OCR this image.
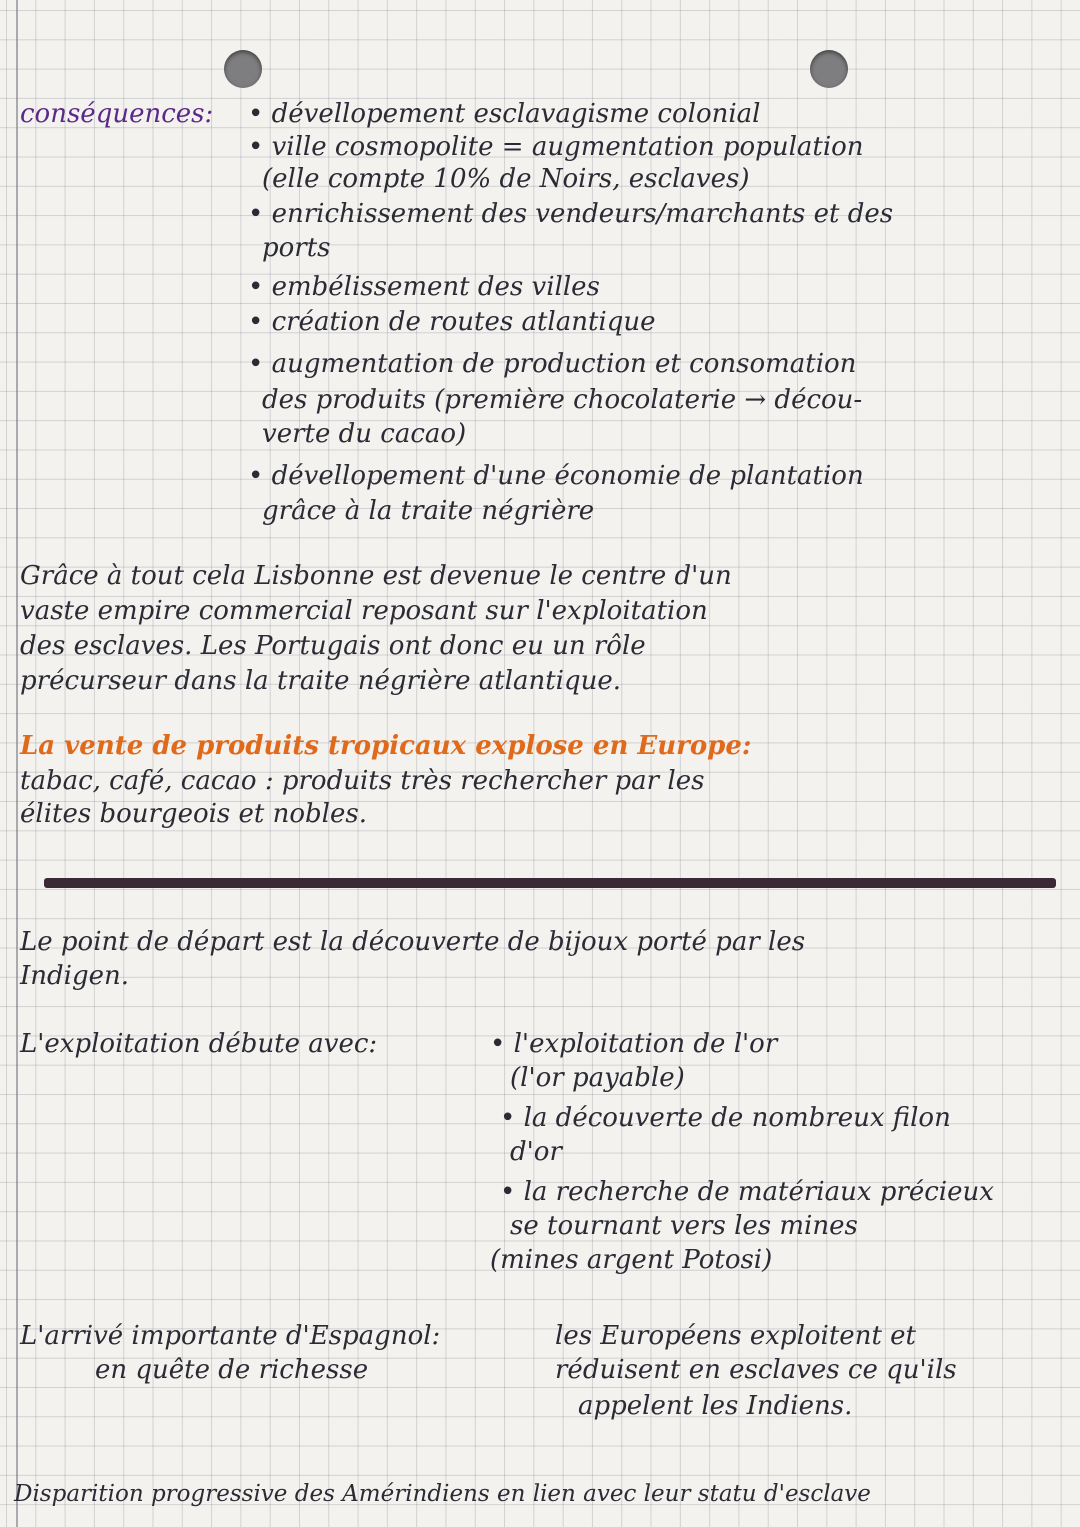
conséquences: • dévellopement esclavagisme colonial

• ville cosmopolite = augmentation population

(elle compte 10% de Noirs, esclaves)

• enrichissement des vendeurs/marchants et des

ports

• embélissement des villes

• création de routes atlantique

• augmentation de production et consomation

des produits (première chocolaterie → décou-

verte du cacao)

• dévellopement d'une économie de plantation

grâce à la traite négrière

Grâce à tout cela Lisbonne est devenue le centre d'un

vaste empire commercial reposant sur l'exploitation

des esclaves. Les Portugais ont donc eu un rôle

précurseur dans la traite négrière atlantique.

La vente de produits tropicaux explose en Europe:

tabac, café, cacao : produits très rechercher par les

élites bourgeois et nobles.

Le point de départ est la découverte de bijoux porté par les

Indigen.

L'exploitation débute avec:	• l'exploitation de l'or

(l'or payable)

• la découverte de nombreux filon

d'or

• la recherche de matériaux précieux

se tournant vers les mines

(mines argent Potosi)

L'arrivé importante d'Espagnol:

en quête de richesse

les Européens exploitent et

réduisent en esclaves ce qu'ils

appelent les Indiens.

Disparition progressive des Amérindiens en lien avec leur statu d'esclave
